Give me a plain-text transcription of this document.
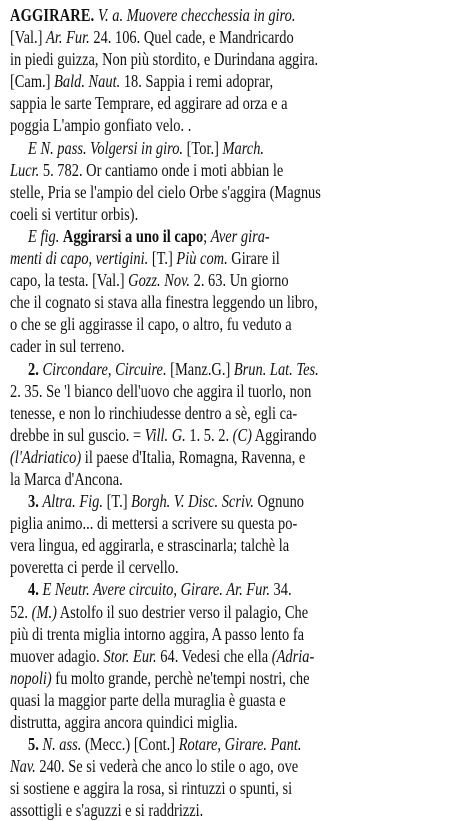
AGGIRARE. V. a. Muovere checchessia in giro.
[Val.] Ar. Fur. 24. 106. Quel cade, e Mandricardo
in piedi guizza, Non più stordito, e Durindana aggira.
[Cam.] Bald. Naut. 18. Sappia i remi adoprar,
sappia le sarte Temprare, ed aggirare ad orza e a
poggia L'ampio gonfiato velo. .
E N. pass. Volgersi in giro. [Tor.] March.
Lucr. 5. 782. Or cantiamo onde i moti abbian le
stelle, Pria se l'ampio del cielo Orbe s'aggira (Magnus
coeli si vertitur orbis).
E fig. Aggirarsi a uno il capo; Aver gira-
menti di capo, vertigini. [T.] Più com. Girare il
capo, la testa. [Val.] Gozz. Nov. 2. 63. Un giorno
che il cognato si stava alla finestra leggendo un libro,
o che se gli aggirasse il capo, o altro, fu veduto a
cader in sul terreno.
2. Circondare, Circuire. [Manz.G.] Brun. Lat. Tes.
2. 35. Se 'l bianco dell'uovo che aggira il tuorlo, non
tenesse, e non lo rinchiudesse dentro a sè, egli ca-
drebbe in sul guscio. = Vill. G. 1. 5. 2. (C) Aggirando
(l'Adriatico) il paese d'Italia, Romagna, Ravenna, e
la Marca d'Ancona.
3. Altra. Fig. [T.] Borgh. V. Disc. Scriv. Ognuno
piglia animo... di mettersi a scrivere su questa po-
vera lingua, ed aggirarla, e strascinarla; talchè la
poveretta ci perde il cervello.
4. E Neutr. Avere circuito, Girare. Ar. Fur. 34.
52. (M.) Astolfo il suo destrier verso il palagio, Che
più di trenta miglia intorno aggira, A passo lento fa
muover adagio. Stor. Eur. 64. Vedesi che ella (Adria-
nopoli) fu molto grande, perchè ne'tempi nostri, che
quasi la maggior parte della muraglia è guasta e
distrutta, aggira ancora quindici miglia.
5. N. ass. (Mecc.) [Cont.] Rotare, Girare. Pant.
Nav. 240. Se si vederà che anco lo stile o ago, ove
si sostiene e aggira la rosa, si rintuzzi o spunti, si
assottigli e s'aguzzi e si raddrizzi.
